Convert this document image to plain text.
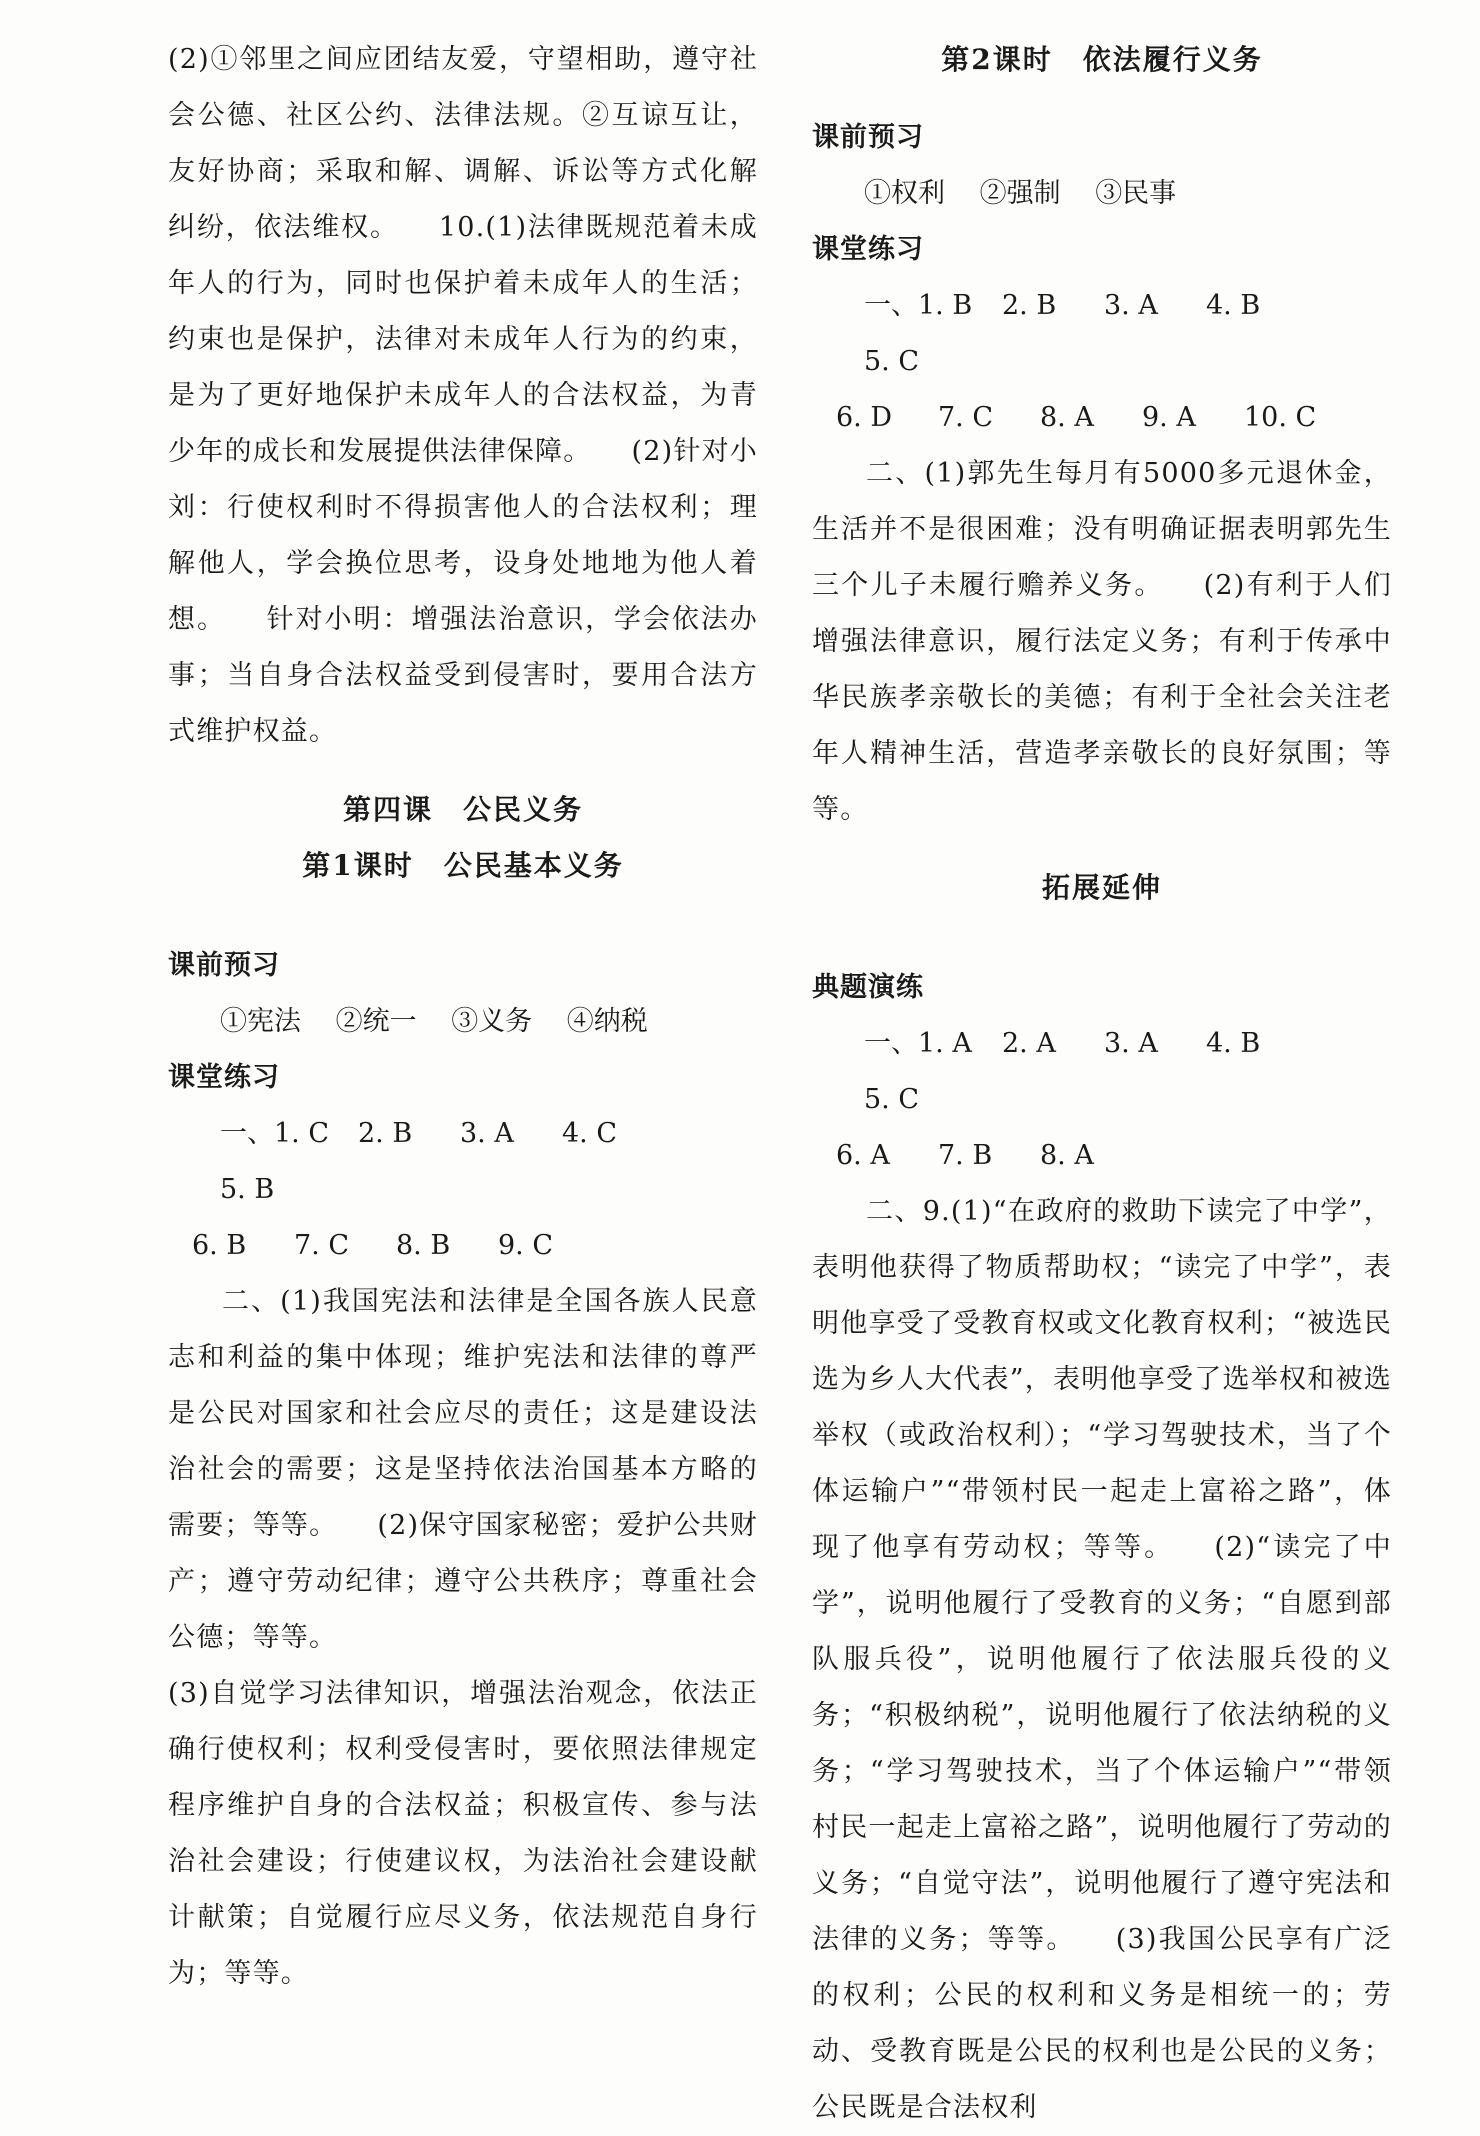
(2)①邻里之间应团结友爱，守望相助，遵守社会公德、社区公约、法律法规。②互谅互让，友好协商；采取和解、调解、诉讼等方式化解纠纷，依法维权。 10.(1)法律既规范着未成年人的行为，同时也保护着未成年人的生活；约束也是保护，法律对未成年人行为的约束，是为了更好地保护未成年人的合法权益，为青少年的成长和发展提供法律保障。 (2)针对小刘：行使权利时不得损害他人的合法权利；理解他人，学会换位思考，设身处地地为他人着想。 针对小明：增强法治意识，学会依法办事；当自身合法权益受到侵害时，要用合法方式维护权益。

第四课　公民义务
第1课时　公民基本义务
课前预习
①宪法 ②统一 ③义务 ④纳税
课堂练习
一、1. C	2. B	3. A	4. C
5. B
6. B	7. C	8. B	9. C

二、(1)我国宪法和法律是全国各族人民意志和利益的集中体现；维护宪法和法律的尊严是公民对国家和社会应尽的责任；这是建设法治社会的需要；这是坚持依法治国基本方略的需要；等等。 (2)保守国家秘密；爱护公共财产；遵守劳动纪律；遵守公共秩序；尊重社会公德；等等。

(3)自觉学习法律知识，增强法治观念，依法正确行使权利；权利受侵害时，要依照法律规定程序维护自身的合法权益；积极宣传、参与法治社会建设；行使建议权，为法治社会建设献计献策；自觉履行应尽义务，依法规范自身行为；等等。

第2课时　依法履行义务
课前预习
①权利 ②强制 ③民事
课堂练习
一、1. B	2. B	3. A	4. B
5. C
6. D	7. C	8. A	9. A	10. C

二、(1)郭先生每月有5000多元退休金，生活并不是很困难；没有明确证据表明郭先生三个儿子未履行赡养义务。 (2)有利于人们增强法律意识，履行法定义务；有利于传承中华民族孝亲敬长的美德；有利于全社会关注老年人精神生活，营造孝亲敬长的良好氛围；等等。

拓展延伸
典题演练
一、1. A	2. A	3. A	4. B
5. C
6. A	7. B	8. A

二、9.(1)“在政府的救助下读完了中学”，表明他获得了物质帮助权；“读完了中学”，表明他享受了受教育权或文化教育权利；“被选民选为乡人大代表”，表明他享受了选举权和被选举权（或政治权利）；“学习驾驶技术，当了个体运输户”“带领村民一起走上富裕之路”，体现了他享有劳动权；等等。 (2)“读完了中学”，说明他履行了受教育的义务；“自愿到部队服兵役”，说明他履行了依法服兵役的义务；“积极纳税”，说明他履行了依法纳税的义务；“学习驾驶技术，当了个体运输户”“带领村民一起走上富裕之路”，说明他履行了劳动的义务；“自觉守法”，说明他履行了遵守宪法和法律的义务；等等。 (3)我国公民享有广泛的权利；公民的权利和义务是相统一的；劳动、受教育既是公民的权利也是公民的义务；公民既是合法权利
